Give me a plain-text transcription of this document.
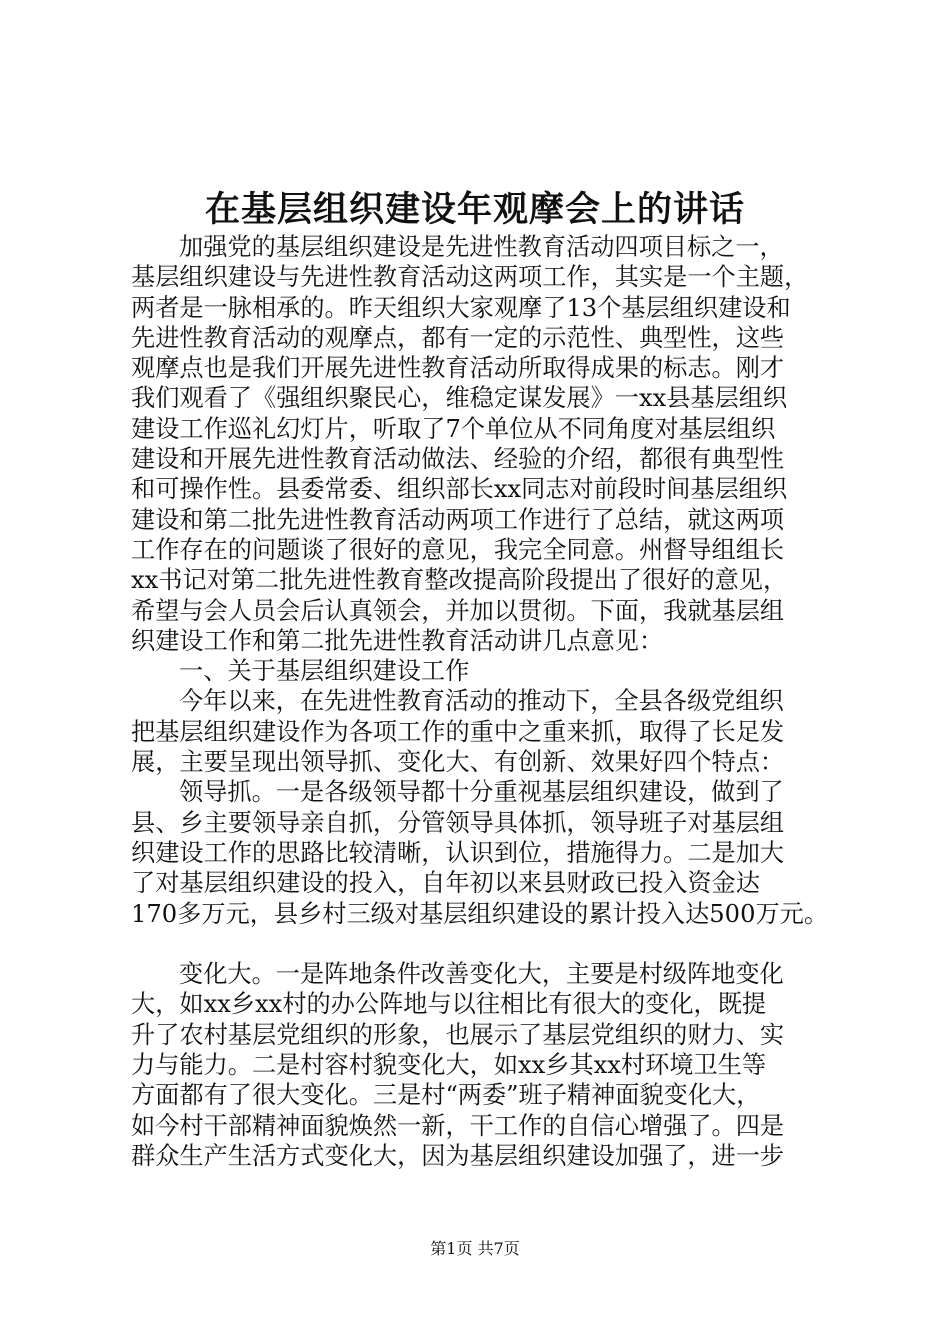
在基层组织建设年观摩会上的讲话
加强党的基层组织建设是先进性教育活动四项目标之一，
基层组织建设与先进性教育活动这两项工作，其实是一个主题，
两者是一脉相承的。昨天组织大家观摩了13个基层组织建设和
先进性教育活动的观摩点，都有一定的示范性、典型性，这些
观摩点也是我们开展先进性教育活动所取得成果的标志。刚才
我们观看了《强组织聚民心，维稳定谋发展》一xx县基层组织
建设工作巡礼幻灯片，听取了7个单位从不同角度对基层组织
建设和开展先进性教育活动做法、经验的介绍，都很有典型性
和可操作性。县委常委、组织部长xx同志对前段时间基层组织
建设和第二批先进性教育活动两项工作进行了总结，就这两项
工作存在的问题谈了很好的意见，我完全同意。州督导组组长
xx书记对第二批先进性教育整改提高阶段提出了很好的意见，
希望与会人员会后认真领会，并加以贯彻。下面，我就基层组
织建设工作和第二批先进性教育活动讲几点意见：
一、关于基层组织建设工作
今年以来，在先进性教育活动的推动下，全县各级党组织
把基层组织建设作为各项工作的重中之重来抓，取得了长足发
展，主要呈现出领导抓、变化大、有创新、效果好四个特点：
领导抓。一是各级领导都十分重视基层组织建设，做到了
县、乡主要领导亲自抓，分管领导具体抓，领导班子对基层组
织建设工作的思路比较清晰，认识到位，措施得力。二是加大
了对基层组织建设的投入，自年初以来县财政已投入资金达
170多万元，县乡村三级对基层组织建设的累计投入达500万元。
变化大。一是阵地条件改善变化大，主要是村级阵地变化
大，如xx乡xx村的办公阵地与以往相比有很大的变化，既提
升了农村基层党组织的形象，也展示了基层党组织的财力、实
力与能力。二是村容村貌变化大，如xx乡其xx村环境卫生等
方面都有了很大变化。三是村“两委”班子精神面貌变化大，
如今村干部精神面貌焕然一新，干工作的自信心增强了。四是
群众生产生活方式变化大，因为基层组织建设加强了，进一步
第1页 共7页
